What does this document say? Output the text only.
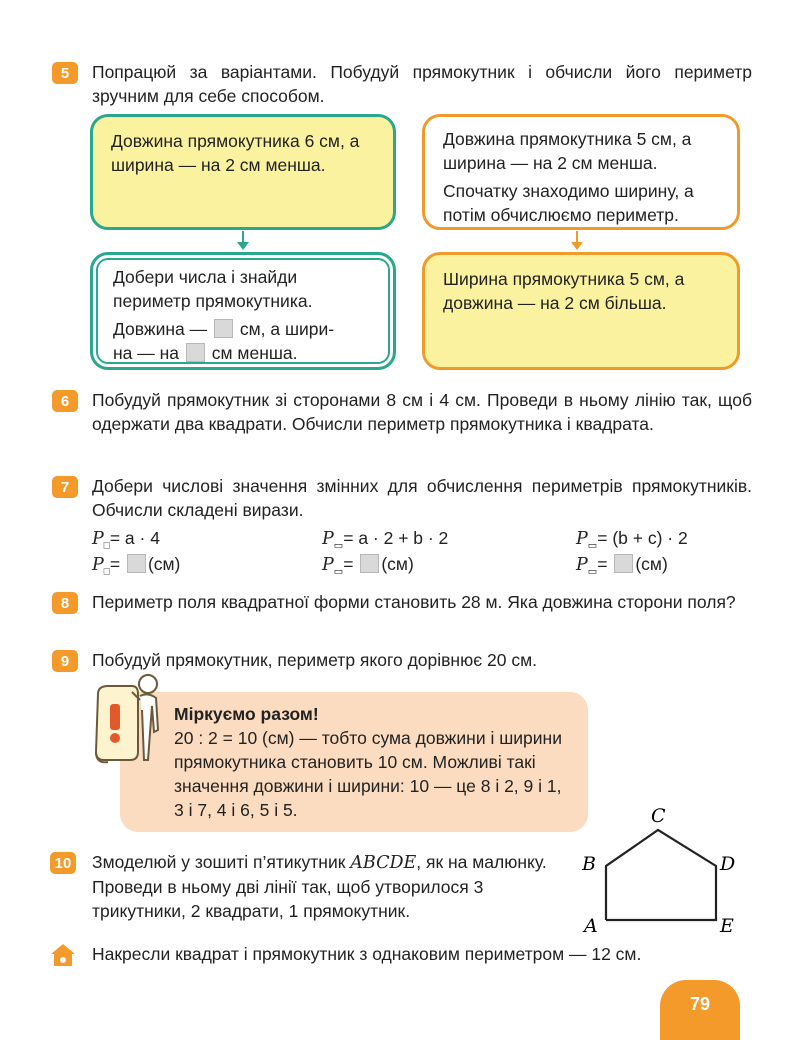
5	Попрацюй за варіантами. Побудуй прямокутник і обчисли його периметр зручним для себе способом.

Довжина прямокутника 6 см, а ширина — на 2 см менша.

Добери числа і знайди периметр прямокутника.

Довжина — см, а шири-
на — на см менша.

Довжина прямокутника 5 см, а ширина — на 2 см менша.

Спочатку знаходимо ширину, а потім обчислюємо периметр.

Ширина прямокутника 5 см, а довжина — на 2 см більша.

6	Побудуй прямокутник зі сторонами 8 см і 4 см. Проведи в ньому лінію так, щоб одержати два квадрати. Обчисли периметр прямокутника і квадрата.
7	Добери числові значення змінних для обчислення периметрів прямокутників. Обчисли складені вирази.
$P_□= a \cdot 4$	$P_▭= a \cdot 2 + b \cdot 2$	$P_▭= (b + c) \cdot 2$
$P_□= (см)$	$P_▭= (см)$	$P_▭= (см)$
8	Периметр поля квадратної форми становить 28 м. Яка довжина сторони поля?
9	Побудуй прямокутник, периметр якого дорівнює 20 см.
Міркуємо разом!
20 : 2 = 10 (см) — тобто сума довжини і ширини прямокутника становить 10 см. Можливі такі значення довжини і ширини: 10 — це 8 і 2, 9 і 1, 3 і 7, 4 і 6, 5 і 5.	C
B	D
A	E
10 Змоделюй у зошиті п’ятикутник ABCDE, як на малюнку. Проведи в ньому дві лінії так, щоб утворилося 3 трикутники, 2 квадрати, 1 прямокутник.
Накресли квадрат і прямокутник з однаковим периметром — 12 см.
79
